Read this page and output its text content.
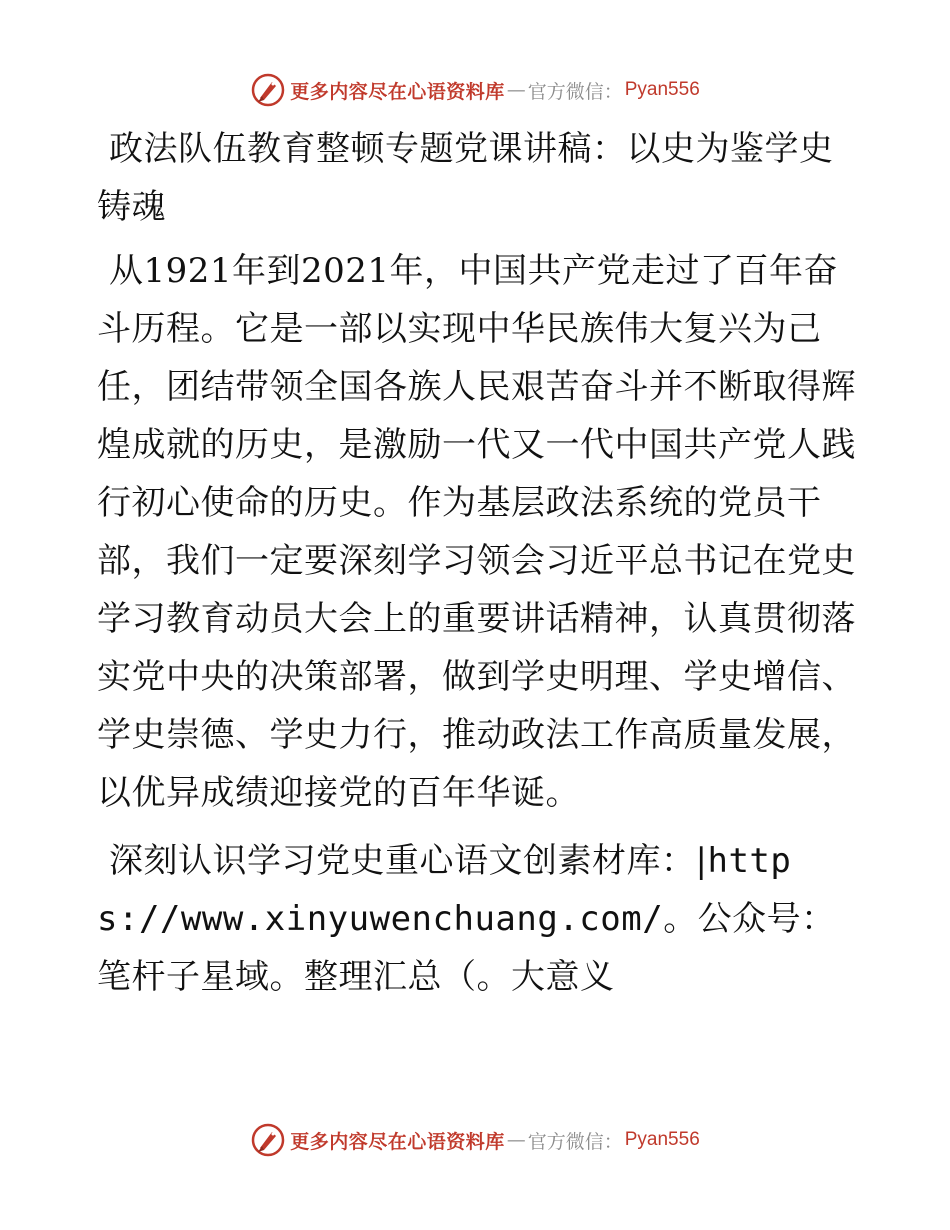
更多内容尽在心语资料库 — 官方微信： Pyan556

政法队伍教育整顿专题党课讲稿：以史为鉴学史铸魂

从1921年到2021年，中国共产党走过了百年奋斗历程。它是一部以实现中华民族伟大复兴为己任，团结带领全国各族人民艰苦奋斗并不断取得辉煌成就的历史，是激励一代又一代中国共产党人践行初心使命的历史。作为基层政法系统的党员干部，我们一定要深刻学习领会习近平总书记在党史学习教育动员大会上的重要讲话精神，认真贯彻落实党中央的决策部署，做到学史明理、学史增信、学史崇德、学史力行，推动政法工作高质量发展，以优异成绩迎接党的百年华诞。

深刻认识学习党史重心语文创素材库：|https://www.xinyuwenchuang.com/。公众号：笔杆子星域。整理汇总（。大意义

更多内容尽在心语资料库 — 官方微信： Pyan556
